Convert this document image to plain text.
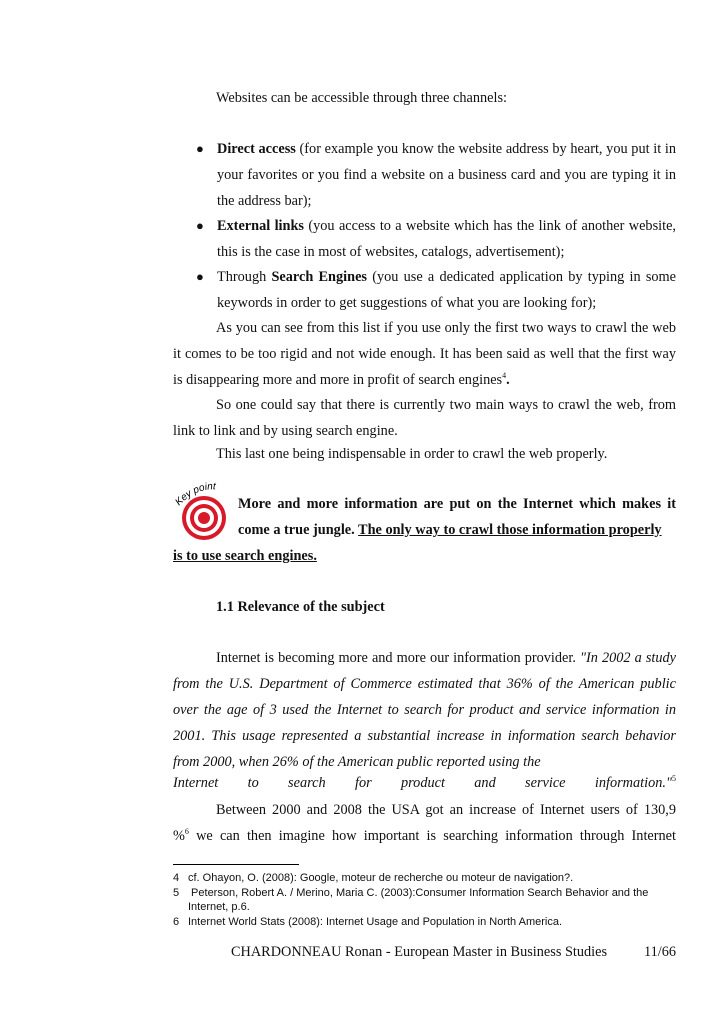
Websites can be accessible through three channels:
● Direct access (for example you know the website address by heart, you put it in your favorites or you find a website on a business card and you are typing it in the address bar);
● External links (you access to a website which has the link of another website, this is the case in most of websites, catalogs, advertisement);
● Through Search Engines (you use a dedicated application by typing in some keywords in order to get suggestions of what you are looking for);
As you can see from this list if you use only the first two ways to crawl the web it comes to be too rigid and not wide enough. It has been said as well that the first way is disappearing more and more in profit of search engines$^4$.
So one could say that there is currently two main ways to crawl the web, from link to link and by using search engine.
This last one being indispensable in order to crawl the web properly.
Key point
More and more information are put on the Internet which makes it come a true jungle. The only way to crawl those information properly
is to use search engines.
1.1 Relevance of the subject
Internet is becoming more and more our information provider. "In 2002 a study from the U.S. Department of Commerce estimated that 36% of the American public over the age of 3 used the Internet to search for product and service information in 2001. This usage represented a substantial increase in information search behavior from 2000, when 26% of the American public reported using the
Internet to search for product and service information."$^5$
Between 2000 and 2008 the USA got an increase of Internet users of 130,9
%$^6$ we can then imagine how important is searching information through Internet
4 cf. Ohayon, O. (2008): Google, moteur de recherche ou moteur de navigation?.
5 Peterson, Robert A. / Merino, Maria C. (2003):Consumer Information Search Behavior and the
Internet, p.6.
6 Internet World Stats (2008): Internet Usage and Population in North America.
CHARDONNEAU Ronan - European Master in Business Studies	11/66
